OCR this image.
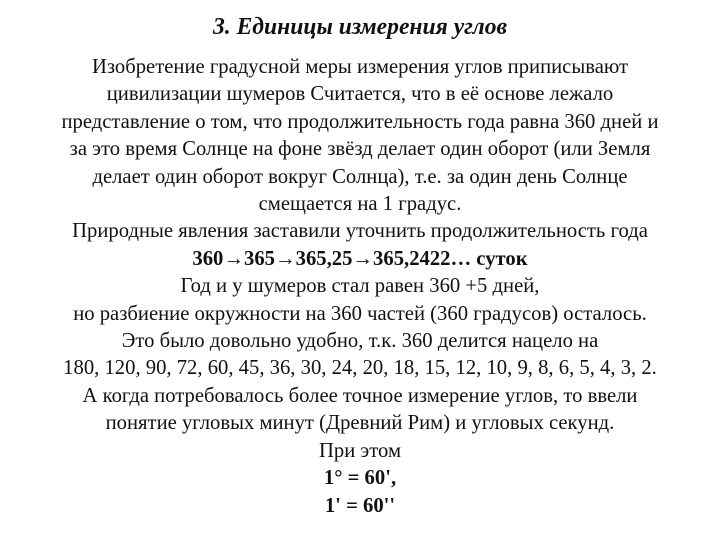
3. Единицы измерения углов
Изобретение градусной меры измерения углов приписывают
цивилизации шумеров Считается, что в её основе лежало
представление о том, что продолжительность года равна 360 дней и
за это время Солнце на фоне звёзд делает один оборот (или Земля
делает один оборот вокруг Солнца), т.е. за один день Солнце
смещается на 1 градус.
Природные явления заставили уточнить продолжительность года
360→365→365,25→365,2422… суток
Год и у шумеров стал равен 360 +5 дней,
но разбиение окружности на 360 частей (360 градусов) осталось.
Это было довольно удобно, т.к. 360 делится нацело на
180, 120, 90, 72, 60, 45, 36, 30, 24, 20, 18, 15, 12, 10, 9, 8, 6, 5, 4, 3, 2.
А когда потребовалось более точное измерение углов, то ввели
понятие угловых минут (Древний Рим) и угловых секунд.
При этом
1° = 60',
1' = 60''
